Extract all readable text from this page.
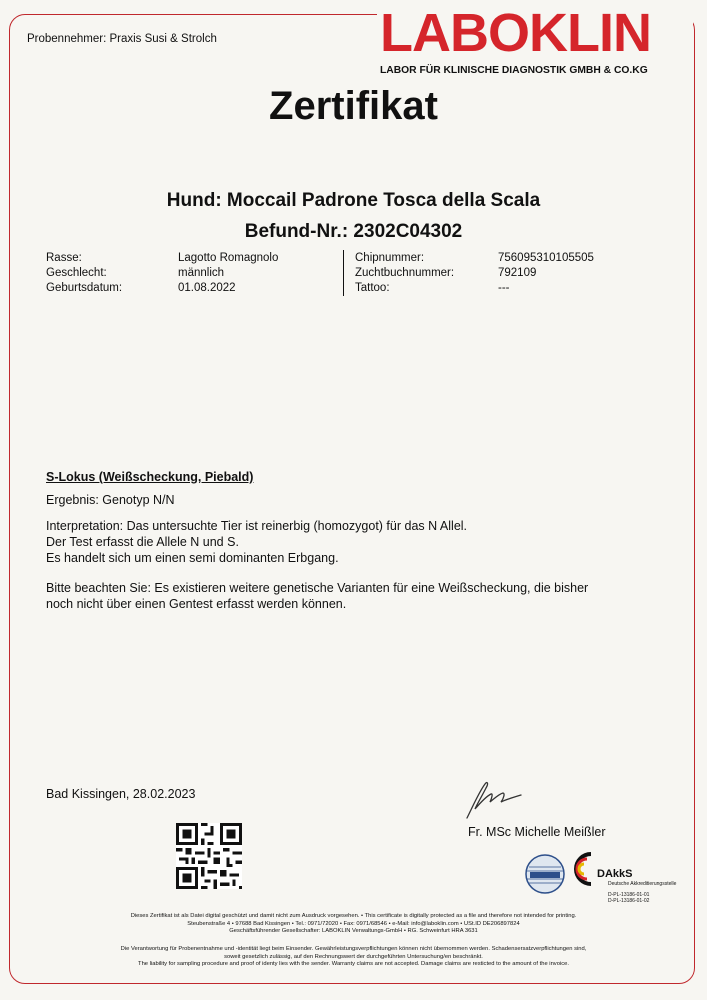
Probennehmer: Praxis Susi & Strolch	LABOKLIN
LABOR FÜR KLINISCHE DIAGNOSTIK GMBH & CO.KG
Zertifikat
Hund: Moccail Padrone Tosca della Scala
Befund-Nr.: 2302C04302
Rasse:
Geschlecht:
Geburtsdatum:
Lagotto Romagnolo
männlich
01.08.2022
Chipnummer:
Zuchtbuchnummer:
Tattoo:
756095310105505
792109
---
S-Lokus (Weißscheckung, Piebald)
Ergebnis: Genotyp N/N
Interpretation: Das untersuchte Tier ist reinerbig (homozygot) für das N Allel.
Der Test erfasst die Allele N und S.
Es handelt sich um einen semi dominanten Erbgang.
Bitte beachten Sie: Es existieren weitere genetische Varianten für eine Weißscheckung, die bisher
noch nicht über einen Gentest erfasst werden können.
Bad Kissingen, 28.02.2023
Fr. MSc Michelle Meißler
DAkkS
Deutsche Akkreditierungsstelle
D-PL-13186-01-01
D-PL-13186-01-02
Dieses Zertifikat ist als Datei digital geschützt und damit nicht zum Ausdruck vorgesehen. • This certificate is digitally protected as a file and therefore not intended for printing.
Steubenstraße 4 • 97688 Bad Kissingen • Tel.: 0971/72020 • Fax: 0971/68546 • e-Mail: info@laboklin.com • USt.ID DE206897824
Geschäftsführender Gesellschafter: LABOKLIN Verwaltungs-GmbH • RG. Schweinfurt HRA 3631
Die Verantwortung für Probenentnahme und -identität liegt beim Einsender. Gewährleistungsverpflichtungen können nicht übernommen werden. Schadensersatzverpflichtungen sind,
soweit gesetzlich zulässig, auf den Rechnungswert der durchgeführten Untersuchung/en beschränkt.
The liability for sampling procedure and proof of identy lies with the sender. Warranty claims are not accepted. Damage claims are resticted to the amount of the invoice.
